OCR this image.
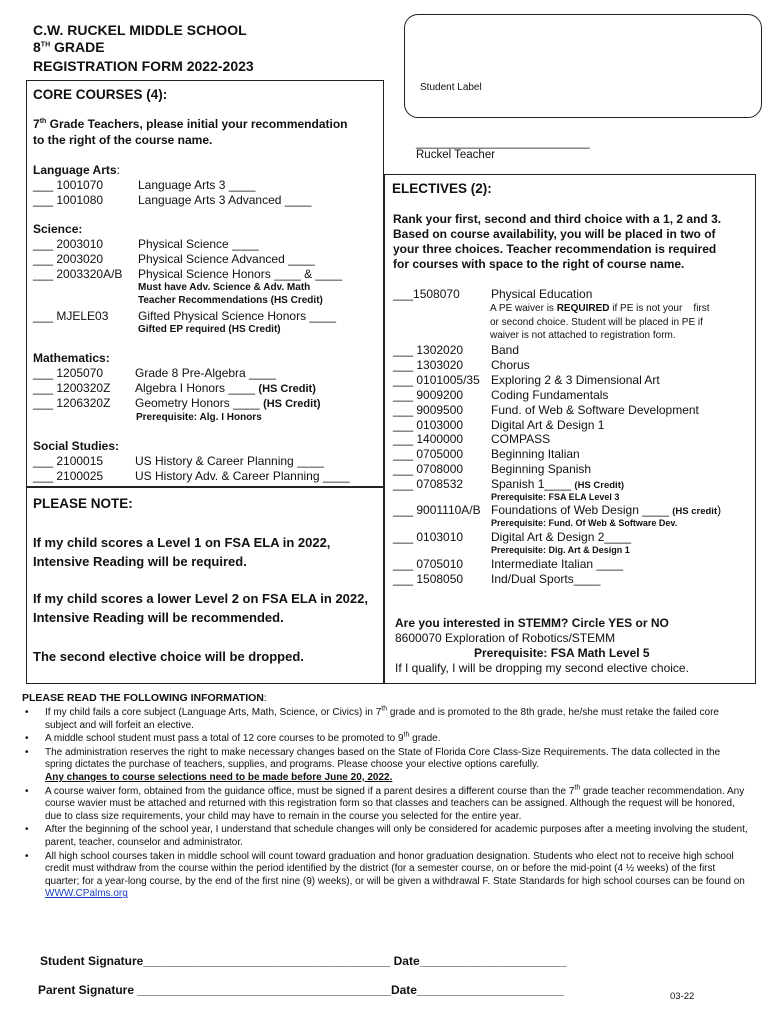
C.W. RUCKEL MIDDLE SCHOOL
8TH GRADE
REGISTRATION FORM 2022-2023
Student Label
__________________________
Ruckel Teacher
CORE COURSES (4):
7th Grade Teachers, please initial your recommendation
to the right of the course name.
Language Arts:
___ 1001070	Language Arts 3 ____
___ 1001080	Language Arts 3 Advanced ____
Science:
___ 2003010	Physical Science ____
___ 2003020	Physical Science Advanced ____
___ 2003320A/B Physical Science Honors ____ & ____
Must have Adv. Science & Adv. Math
Teacher Recommendations (HS Credit)
___ MJELE03 Gifted Physical Science Honors ____
Gifted EP required (HS Credit)
Mathematics:
___ 1205070	Grade 8 Pre-Algebra ____
___ 1200320Z Algebra I Honors ____ (HS Credit)
___ 1206320Z Geometry Honors ____ (HS Credit)
Prerequisite: Alg. I Honors
Social Studies:
___ 2100015	US History & Career Planning ____
___ 2100025	US History Adv. & Career Planning ____
PLEASE NOTE:
If my child scores a Level 1 on FSA ELA in 2022,
Intensive Reading will be required.
If my child scores a lower Level 2 on FSA ELA in 2022,
Intensive Reading will be recommended.
The second elective choice will be dropped.
ELECTIVES (2):
Rank your first, second and third choice with a 1, 2 and 3.
Based on course availability, you will be placed in two of
your three choices. Teacher recommendation is required
for courses with space to the right of course name.
___1508070	Physical Education
A PE waiver is REQUIRED if PE is not your    first
or second choice. Student will be placed in PE if
waiver is not attached to registration form.
___ 1302020 Band
___ 1303020 Chorus
___ 0101005/35 Exploring 2 & 3 Dimensional Art
___ 9009200 Coding Fundamentals
___ 9009500 Fund. of Web & Software Development
___ 0103000 Digital Art & Design 1
___ 1400000 COMPASS
___ 0705000 Beginning Italian
___ 0708000 Beginning Spanish
___ 0708532 Spanish 1____ (HS Credit)
Prerequisite: FSA ELA Level 3
___ 9001110A/B Foundations of Web Design ____ (HS credit)
Prerequisite: Fund. Of Web & Software Dev.
___ 0103010 Digital Art & Design 2____
Prerequisite: Dig. Art & Design 1
___ 0705010 Intermediate Italian ____
___ 1508050 Ind/Dual Sports____
Are you interested in STEMM? Circle YES or NO
8600070 Exploration of Robotics/STEMM
Prerequisite: FSA Math Level 5
If I qualify, I will be dropping my second elective choice.
PLEASE READ THE FOLLOWING INFORMATION:
• If my child fails a core subject (Language Arts, Math, Science, or Civics) in 7th grade and is promoted to the 8th grade, he/she must retake the failed core subject and will forfeit an elective.
• A middle school student must pass a total of 12 core courses to be promoted to 9th grade.
• The administration reserves the right to make necessary changes based on the State of Florida Core Class-Size Requirements. The data collected in the spring dictates the purchase of teachers, supplies, and programs. Please choose your elective options carefully.
Any changes to course selections need to be made before June 20, 2022.
• A course waiver form, obtained from the guidance office, must be signed if a parent desires a different course than the 7th grade teacher recommendation. Any course wavier must be attached and returned with this registration form so that classes and teachers can be assigned. Although the request will be honored, due to class size requirements, your child may have to remain in the course you selected for the entire year.
• After the beginning of the school year, I understand that schedule changes will only be considered for academic purposes after a meeting involving the student, parent, teacher, counselor and administrator.
• All high school courses taken in middle school will count toward graduation and honor graduation designation. Students who elect not to receive high school credit must withdraw from the course within the period identified by the district (for a semester course, on or before the mid-point (4 ½ weeks) of the first quarter; for a year-long course, by the end of the first nine (9) weeks), or will be given a withdrawal F. State Standards for high school courses can be found on WWW.CPalms.org
Student Signature_____________________________________ Date______________________
Parent Signature ______________________________________Date______________________	03-22
